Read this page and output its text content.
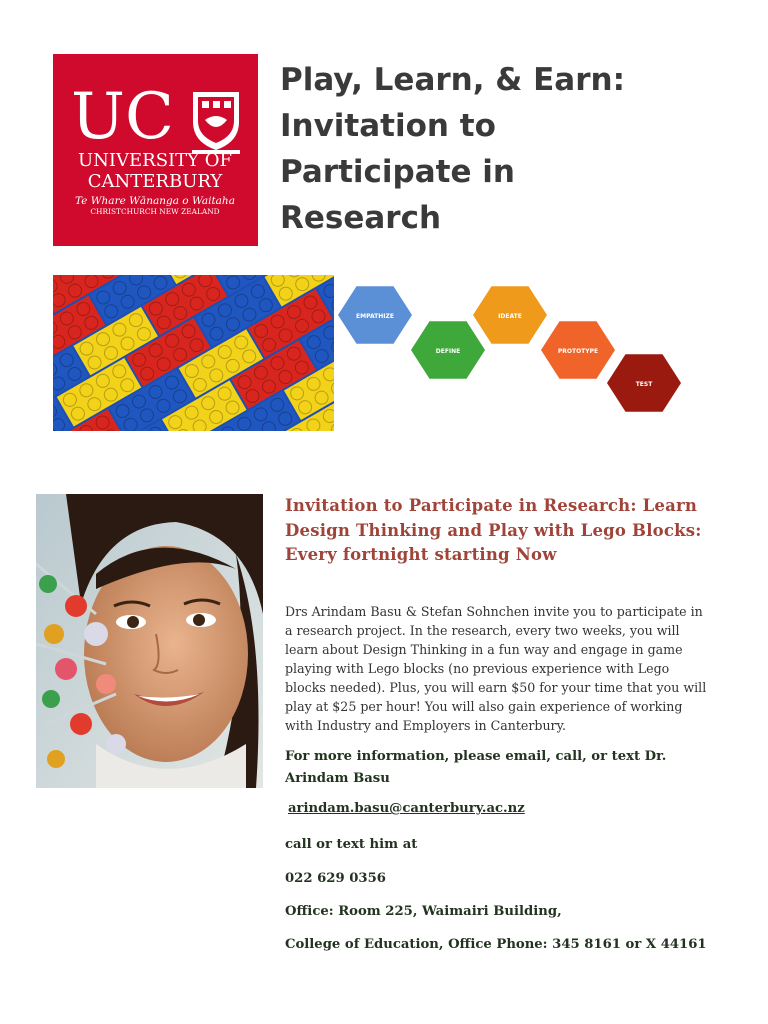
UC
UNIVERSITY OF
CANTERBURY
Te Whare Wānanga o Waitaha
CHRISTCHURCH NEW ZEALAND
Play, Learn, & Earn:
Invitation to
Participate in
Research
EMPATHIZE
DEFINE
IDEATE
PROTOTYPE
TEST
Invitation to Participate in Research: Learn Design Thinking and Play with Lego Blocks: Every fortnight starting Now

Drs Arindam Basu & Stefan Sohnchen invite you to participate in a research project. In the research, every two weeks, you will learn about Design Thinking in a fun way and engage in game playing with Lego blocks (no previous experience with Lego blocks needed). Plus, you will earn $50 for your time that you will play at $25 per hour! You will also gain experience of working with Industry and Employers in Canterbury.

For more information, please email, call, or text Dr. Arindam Basu

arindam.basu@canterbury.ac.nz

call or text him at

022 629 0356

Office: Room 225, Waimairi Building,

College of Education, Office Phone: 345 8161 or X 44161
